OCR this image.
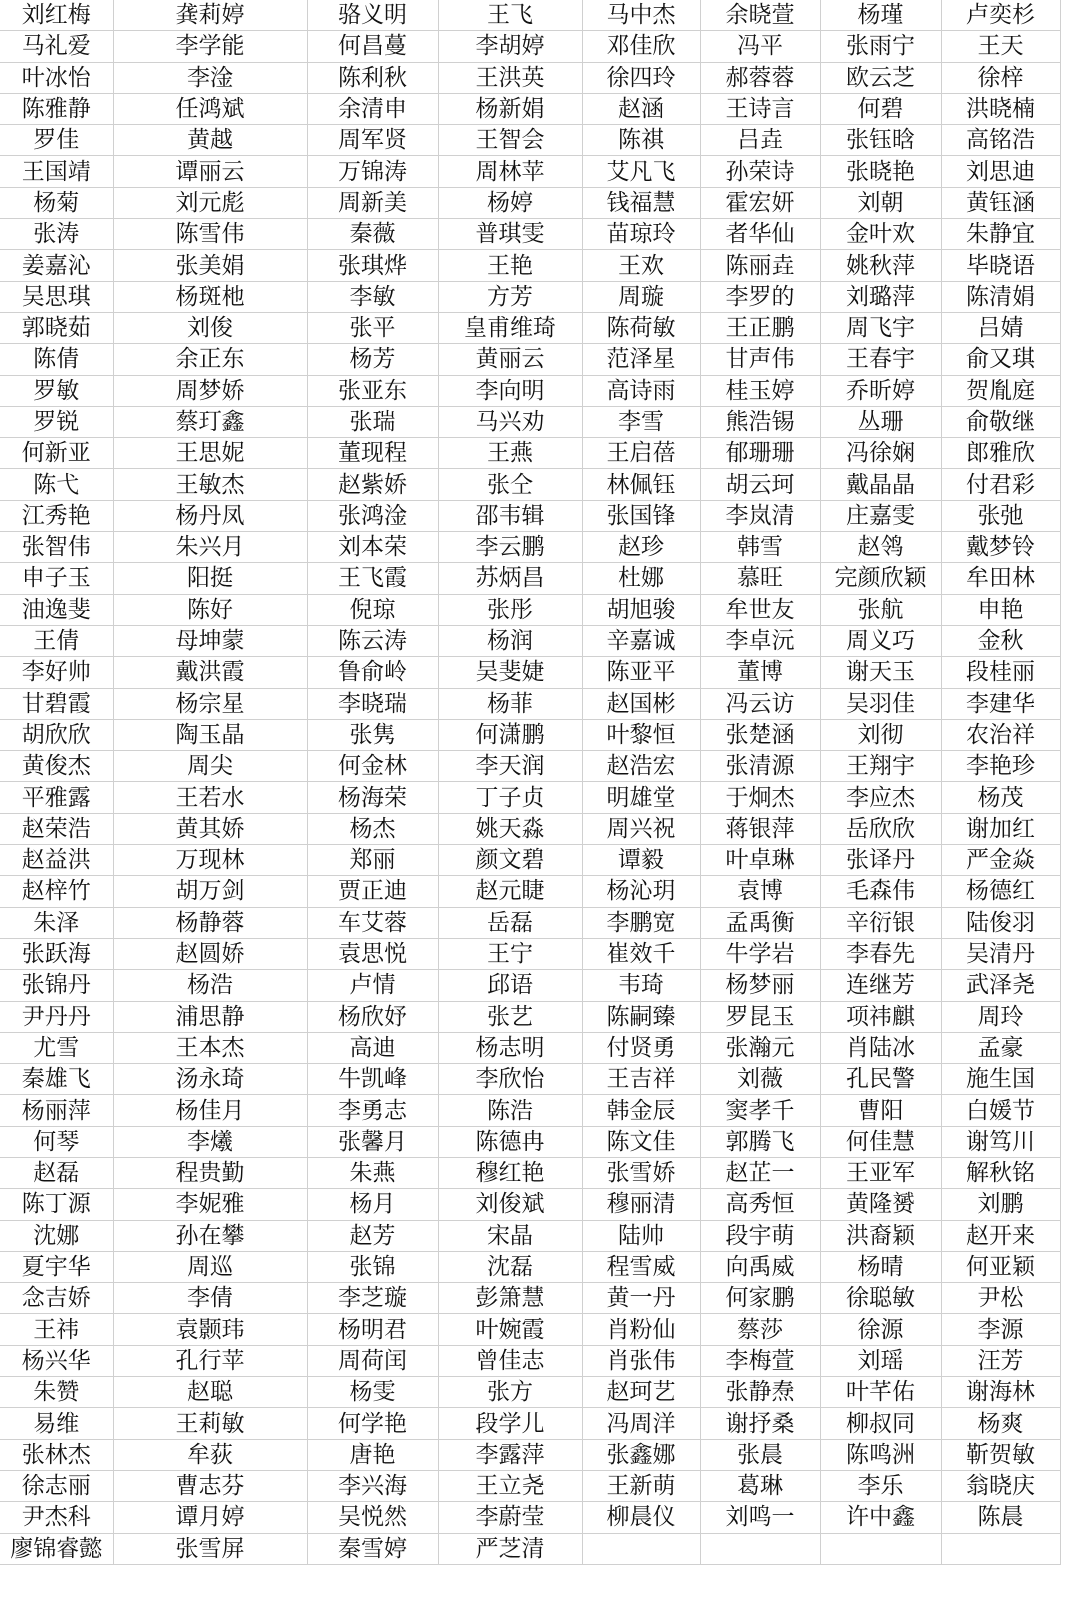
刘红梅	龚莉婷	骆义明	王飞	马中杰	余晓萱	杨瑾	卢奕杉
马礼爱	李学能	何昌蔓	李胡婷	邓佳欣	冯平	张雨宁	王天
叶冰怡	李淦	陈利秋	王洪英	徐四玲	郝蓉蓉	欧云芝	徐梓
陈雅静	任鸿斌	余清申	杨新娟	赵涵	王诗言	何碧	洪晓楠
罗佳	黄越	周军贤	王智会	陈祺	吕垚	张钰晗	高铭浩
王国靖	谭丽云	万锦涛	周林苹	艾凡飞	孙荣诗	张晓艳	刘思迪
杨菊	刘元彪	周新美	杨婷	钱福慧	霍宏妍	刘朝	黄钰涵
张涛	陈雪伟	秦薇	普琪雯	苗琼玲	者华仙	金叶欢	朱静宜
姜嘉沁	张美娟	张琪烨	王艳	王欢	陈丽垚	姚秋萍	毕晓语
吴思琪	杨斑杝	李敏	方芳	周璇	李罗的	刘璐萍	陈清娟
郭晓茹	刘俊	张平	皇甫维琦	陈荷敏	王正鹏	周飞宇	吕婧
陈倩	余正东	杨芳	黄丽云	范泽星	甘声伟	王春宇	俞又琪
罗敏	周梦娇	张亚东	李向明	高诗雨	桂玉婷	乔昕婷	贺胤庭
罗锐	蔡玎鑫	张瑞	马兴劝	李雪	熊浩锡	丛珊	俞敬继
何新亚	王思妮	董现程	王燕	王启蓓	郁珊珊	冯徐娴	郎雅欣
陈弋	王敏杰	赵紫娇	张仝	林佩钰	胡云珂	戴晶晶	付君彩
江秀艳	杨丹凤	张鸿淦	邵韦辑	张国锋	李岚清	庄嘉雯	张弛
张智伟	朱兴月	刘本荣	李云鹏	赵珍	韩雪	赵鸰	戴梦铃
申子玉	阳挺	王飞霞	苏炳昌	杜娜	慕旺	完颜欣颖	牟田林
油逸斐	陈好	倪琼	张彤	胡旭骏	牟世友	张航	申艳
王倩	母坤蒙	陈云涛	杨润	辛嘉诚	李卓沅	周义巧	金秋
李好帅	戴洪霞	鲁俞岭	吴斐婕	陈亚平	董博	谢天玉	段桂丽
甘碧霞	杨宗星	李晓瑞	杨菲	赵国彬	冯云访	吴羽佳	李建华
胡欣欣	陶玉晶	张隽	何潇鹏	叶黎恒	张楚涵	刘彻	农治祥
黄俊杰	周尖	何金林	李天润	赵浩宏	张清源	王翔宇	李艳珍
平雅露	王若水	杨海荣	丁子贞	明雄堂	于炯杰	李应杰	杨茂
赵荣浩	黄其娇	杨杰	姚天淼	周兴祝	蒋银萍	岳欣欣	谢加红
赵益洪	万现林	郑丽	颜文碧	谭毅	叶卓琳	张译丹	严金焱
赵梓竹	胡万剑	贾正迪	赵元睫	杨沁玥	袁博	毛森伟	杨德红
朱泽	杨静蓉	车艾蓉	岳磊	李鹏宽	孟禹衡	辛衍银	陆俊羽
张跃海	赵圆娇	袁思悦	王宁	崔效千	牛学岩	李春先	吴清丹
张锦丹	杨浩	卢情	邱语	韦琦	杨梦丽	连继芳	武泽尧
尹丹丹	浦思静	杨欣妤	张艺	陈嗣臻	罗昆玉	项祎麒	周玲
尤雪	王本杰	高迪	杨志明	付贤勇	张瀚元	肖陆冰	孟豪
秦雄飞	汤永琦	牛凯峰	李欣怡	王吉祥	刘薇	孔民警	施生国
杨丽萍	杨佳月	李勇志	陈浩	韩金辰	窦孝千	曹阳	白媛节
何琴	李爔	张馨月	陈德冉	陈文佳	郭腾飞	何佳慧	谢笃川
赵磊	程贵勤	朱燕	穆红艳	张雪娇	赵芷一	王亚军	解秋铭
陈丁源	李妮雅	杨月	刘俊斌	穆丽清	高秀恒	黄隆赟	刘鹏
沈娜	孙在攀	赵芳	宋晶	陆帅	段宇萌	洪裔颖	赵开来
夏宇华	周巡	张锦	沈磊	程雪威	向禹威	杨晴	何亚颖
念吉娇	李倩	李芝璇	彭箫慧	黄一丹	何家鹏	徐聪敏	尹松
王祎	袁颢玮	杨明君	叶婉霞	肖粉仙	蔡莎	徐源	李源
杨兴华	孔行苹	周荷闰	曾佳志	肖张伟	李梅萱	刘瑶	汪芳
朱赞	赵聪	杨雯	张方	赵珂艺	张静焘	叶芊佑	谢海林
易维	王莉敏	何学艳	段学儿	冯周洋	谢抒桑	柳叔同	杨爽
张林杰	牟荻	唐艳	李露萍	张鑫娜	张晨	陈鸣洲	靳贺敏
徐志丽	曹志芬	李兴海	王立尧	王新萌	葛琳	李乐	翁晓庆
尹杰科	谭月婷	吴悦然	李蔚莹	柳晨仪	刘鸣一	许中鑫	陈晨
廖锦睿懿	张雪屏	秦雪婷	严芝清				
